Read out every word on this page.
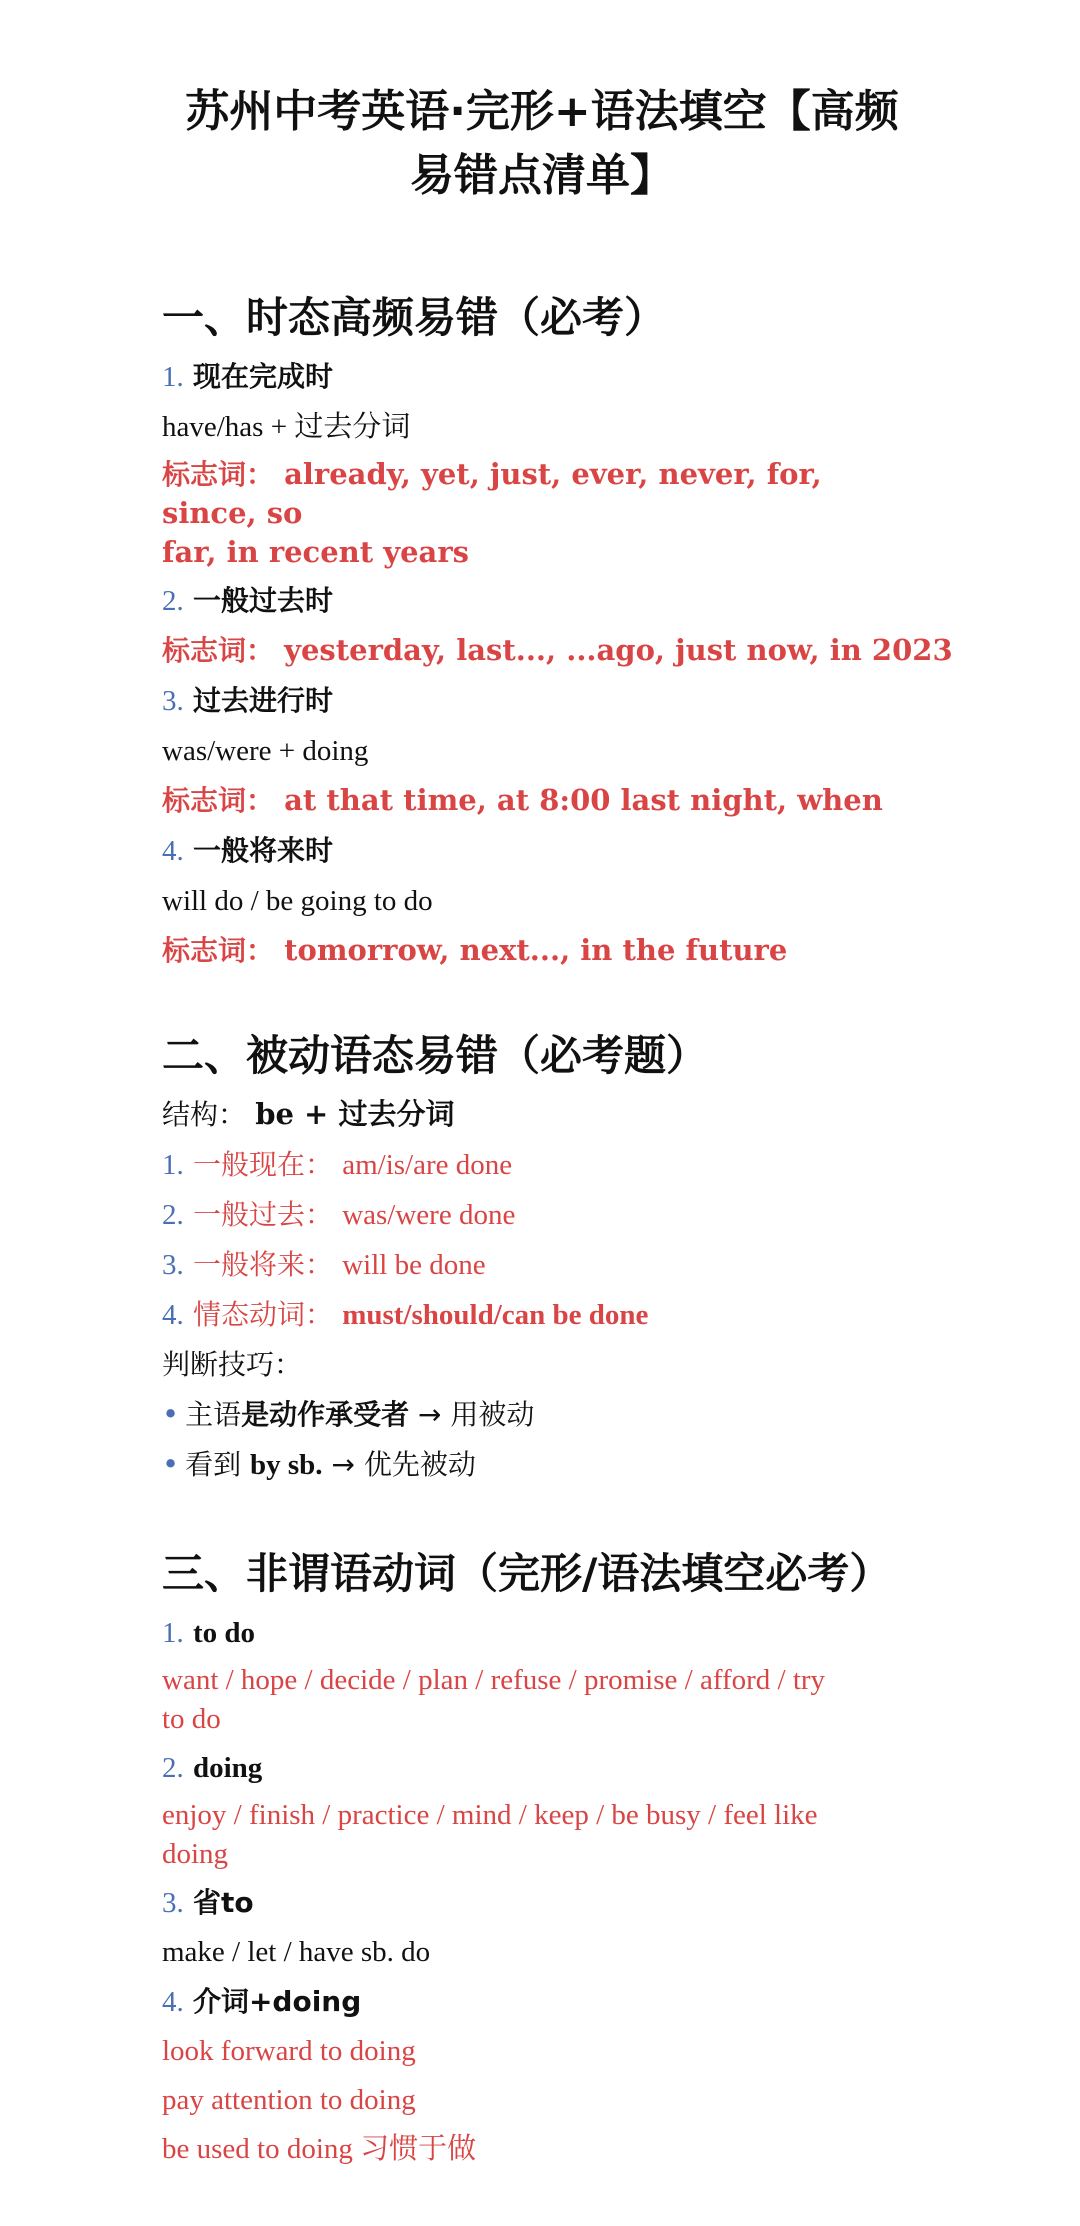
苏州中考英语·完形+语法填空【高频
易错点清单】
一、时态高频易错（必考）
1. 现在完成时
have/has + 过去分词
标志词： already, yet, just, ever, never, for, since, so
far, in recent years
2. 一般过去时
标志词： yesterday, last..., ...ago, just now, in 2023
3. 过去进行时
was/were + doing
标志词： at that time, at 8:00 last night, when
4. 一般将来时
will do / be going to do
标志词： tomorrow, next..., in the future
二、被动语态易错（必考题）
结构： be + 过去分词
1. 一般现在： am/is/are done
2. 一般过去： was/were done
3. 一般将来： will be done
4. 情态动词： must/should/can be done
判断技巧：
• 主语是动作承受者 → 用被动
• 看到 by sb. → 优先被动
三、非谓语动词（完形/语法填空必考）
1. to do
want / hope / decide / plan / refuse / promise / afford / try
to do
2. doing
enjoy / finish / practice / mind / keep / be busy / feel like
doing
3. 省to
make / let / have sb. do
4. 介词+doing
look forward to doing
pay attention to doing
be used to doing 习惯于做
